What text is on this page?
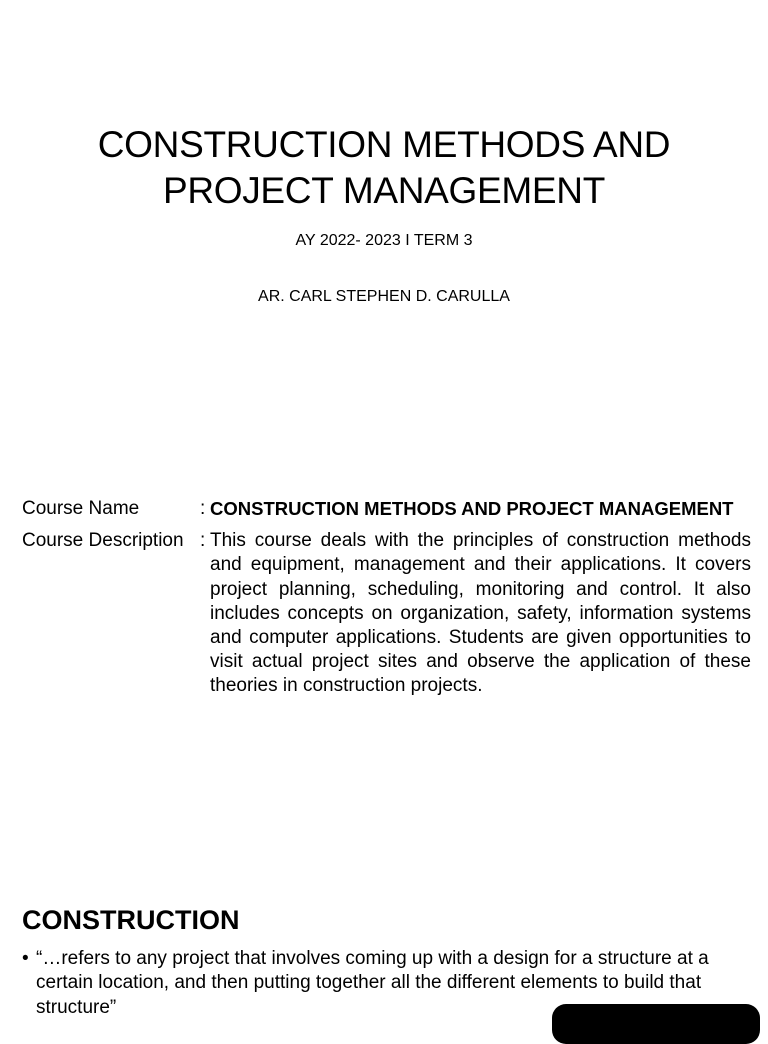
CONSTRUCTION METHODS AND
PROJECT MANAGEMENT
AY 2022- 2023 I TERM 3
AR. CARL STEPHEN D. CARULLA
Course Name	: CONSTRUCTION METHODS AND PROJECT MANAGEMENT
Course Description : This course deals with the principles of construction methods and equipment, management and their applications. It covers project planning, scheduling, monitoring and control. It also includes concepts on organization, safety, information systems and computer applications. Students are given opportunities to visit actual project sites and observe the application of these theories in construction projects.
CONSTRUCTION
• “…refers to any project that involves coming up with a design for a structure at a certain location, and then putting together all the different elements to build that structure”
